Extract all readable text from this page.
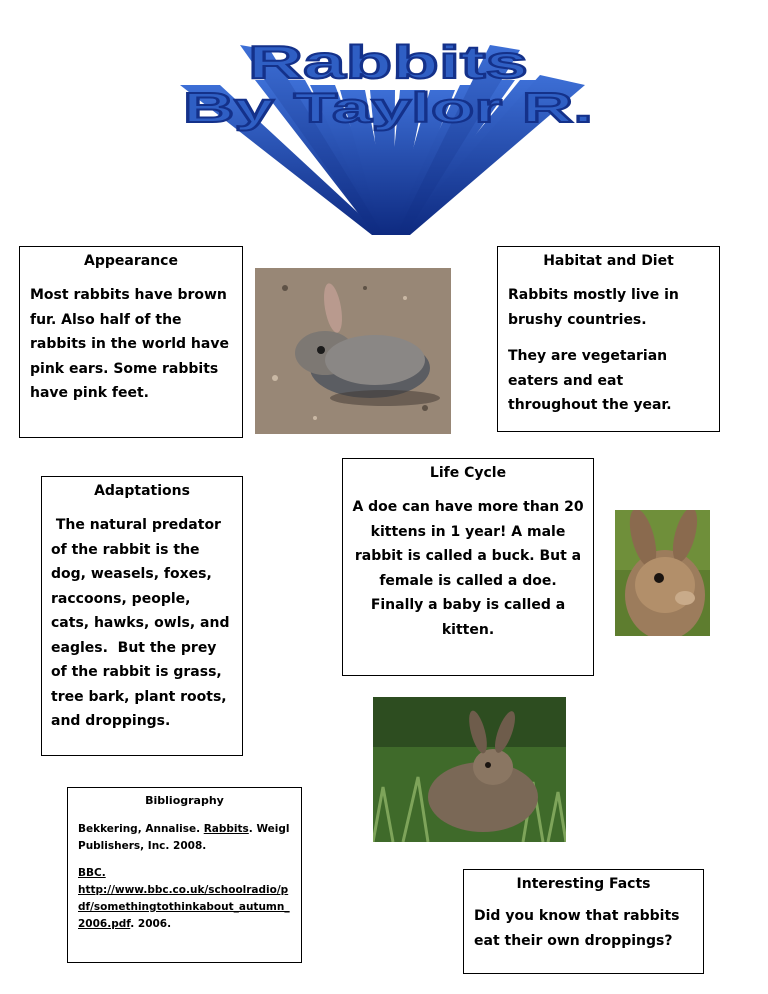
Rabbits
By Taylor R.
Appearance

Most rabbits have brown fur. Also half of the rabbits in the world have pink ears. Some rabbits have pink feet.

Habitat and Diet

Rabbits mostly live in brushy countries.

They are vegetarian eaters and eat throughout the year.

Adaptations

The natural predator of the rabbit is the dog, weasels, foxes, raccoons, people, cats, hawks, owls, and eagles.  But the prey of the rabbit is grass, tree bark, plant roots, and droppings.

Life Cycle

A doe can have more than 20 kittens in 1 year! A male rabbit is called a buck. But a female is called a doe. Finally a baby is called a kitten.

Bibliography

Bekkering, Annalise. Rabbits. Weigl Publishers, Inc. 2008.

BBC.
http://www.bbc.co.uk/schoolradio/pdf/somethingtothinkabout_autumn_2006.pdf. 2006.

Interesting Facts

Did you know that rabbits eat their own droppings?
